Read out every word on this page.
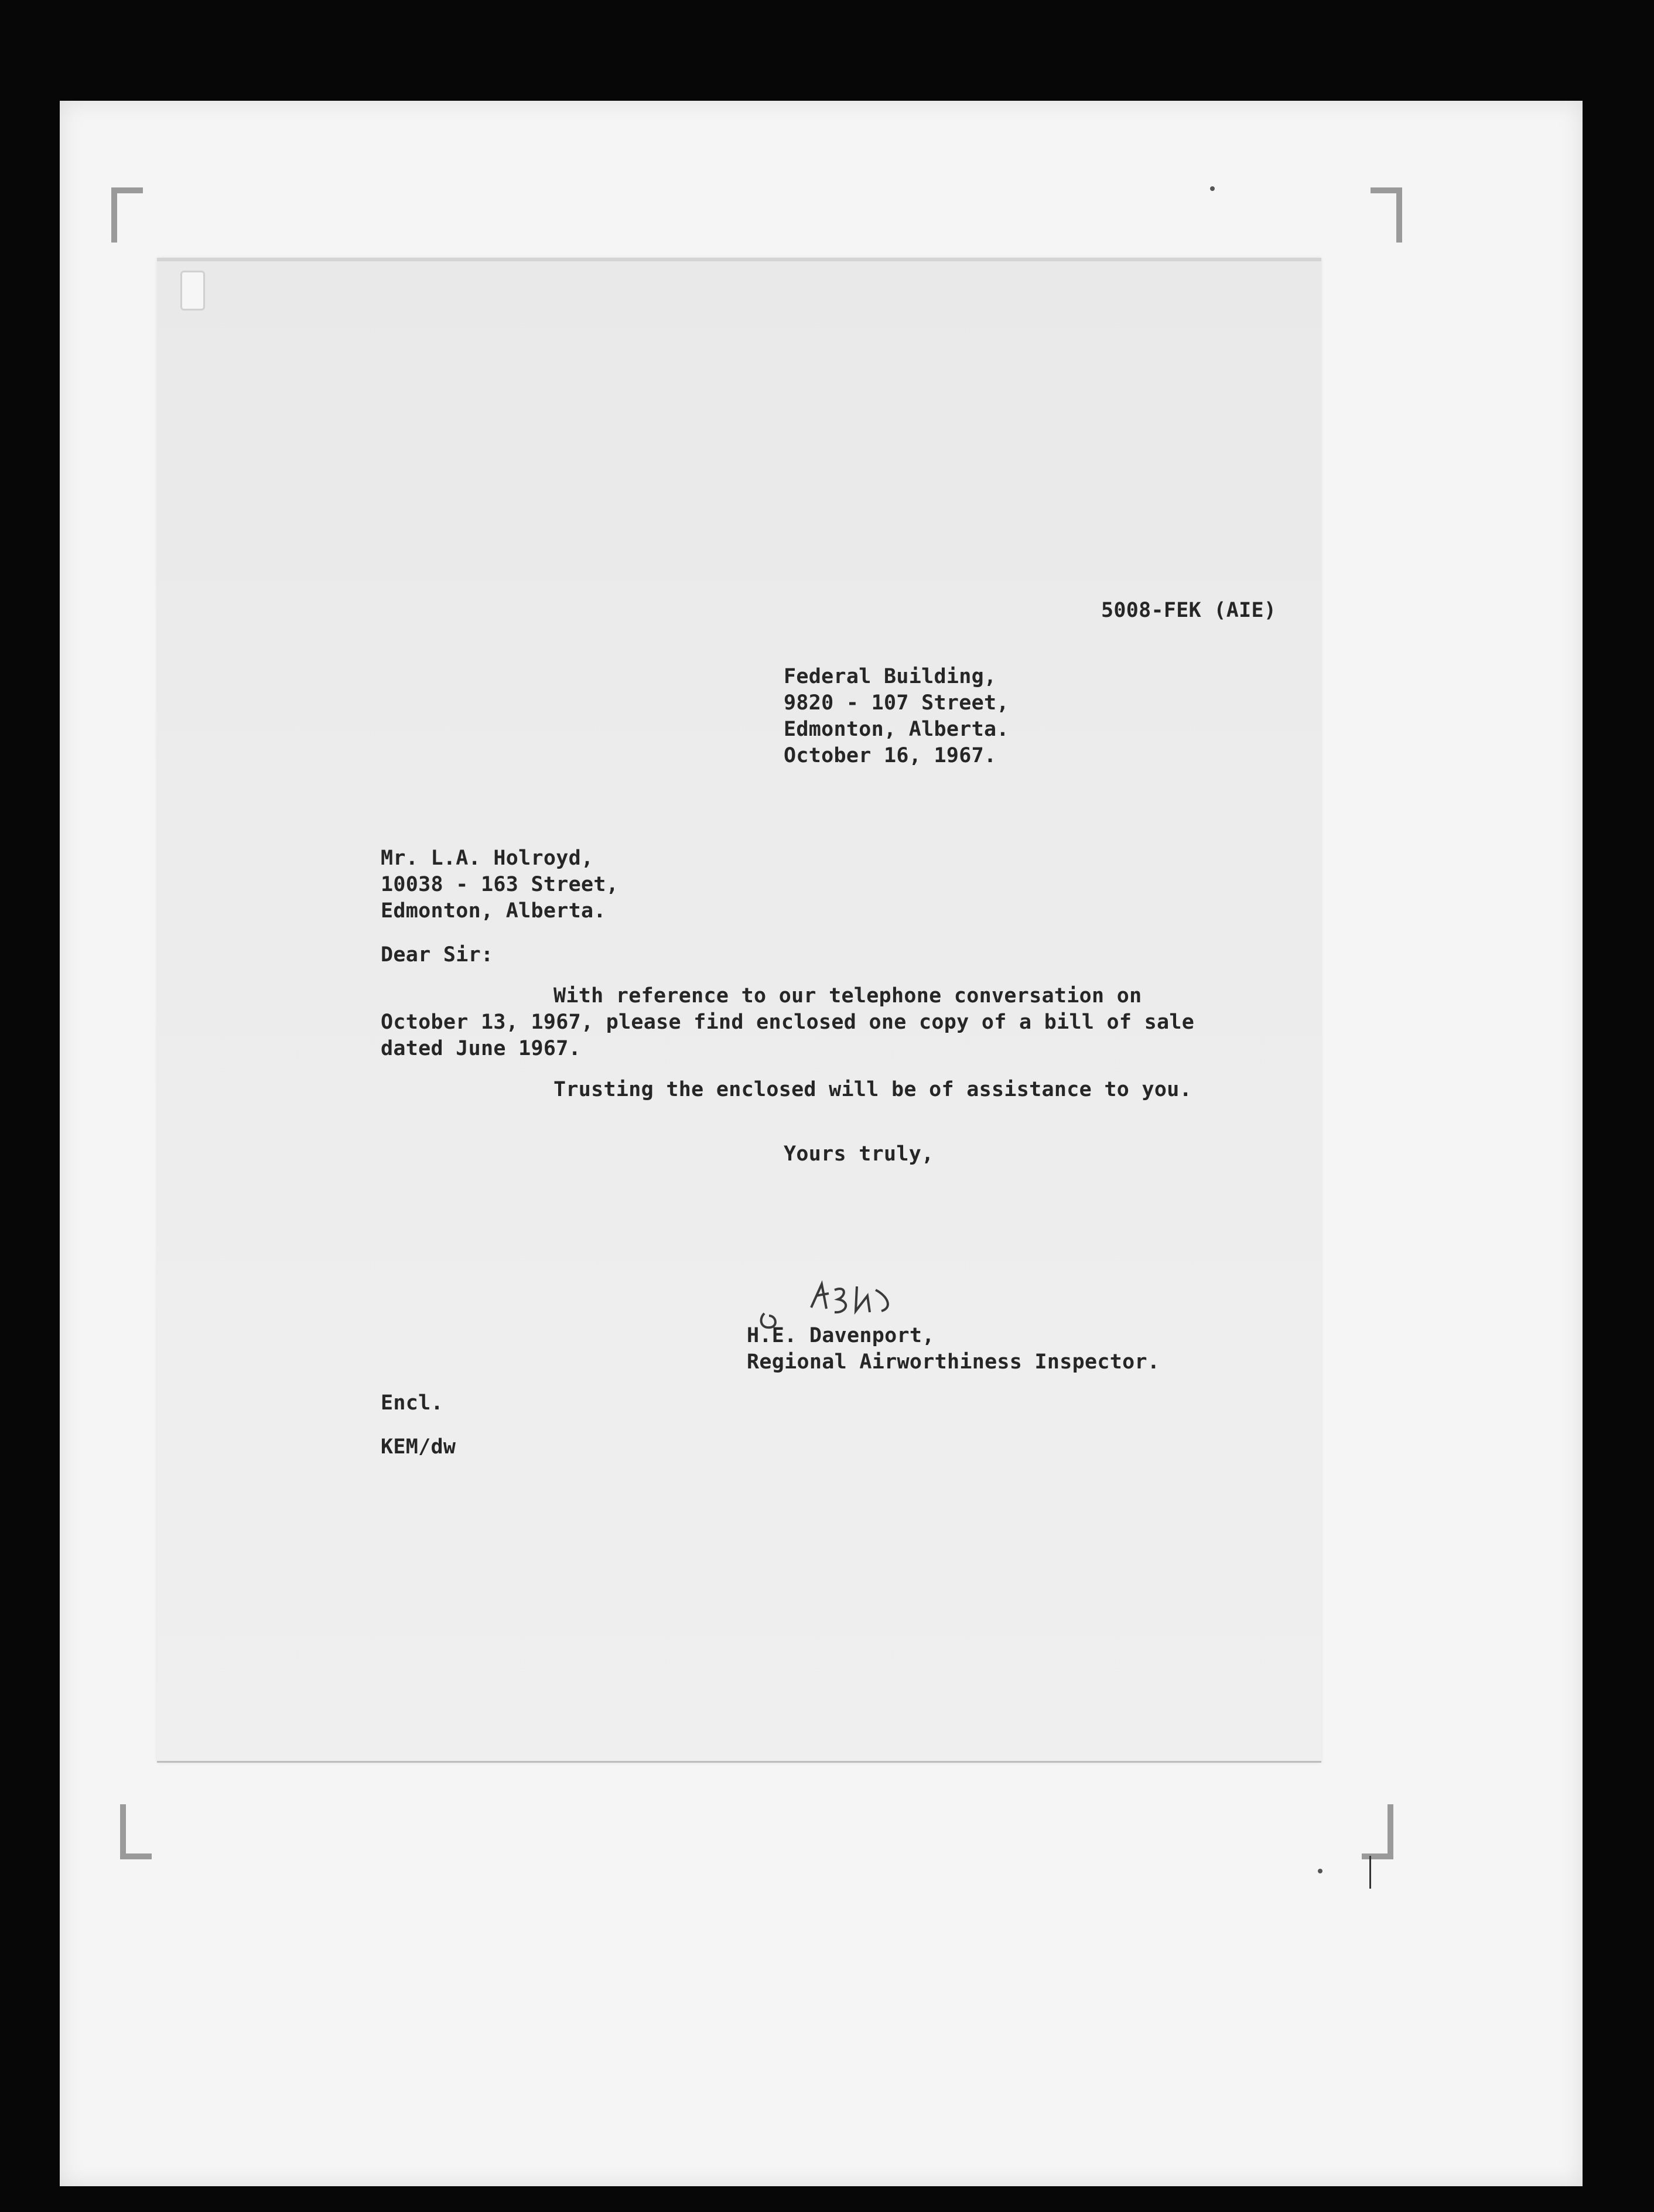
5008-FEK (AIE)

Federal Building,

9820 - 107 Street,

Edmonton, Alberta.

October 16, 1967.

Mr. L.A. Holroyd,

10038 - 163 Street,

Edmonton, Alberta.

Dear Sir:

With reference to our telephone conversation on

October 13, 1967, please find enclosed one copy of a bill of sale

dated June 1967.

Trusting the enclosed will be of assistance to you.

Yours truly,

H.E. Davenport,

Regional Airworthiness Inspector.

Encl.

KEM/dw
